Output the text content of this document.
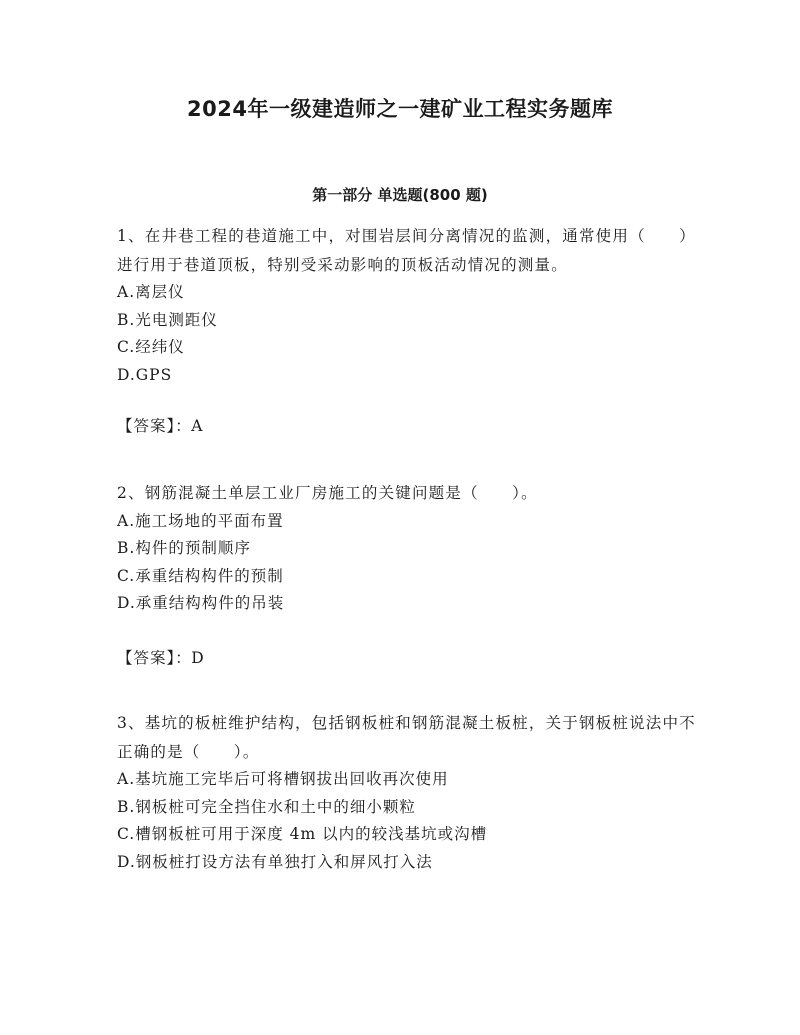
2024年一级建造师之一建矿业工程实务题库
第一部分 单选题(800 题)
1、在井巷工程的巷道施工中，对围岩层间分离情况的监测，通常使用（　　）进行用于巷道顶板，特别受采动影响的顶板活动情况的测量。
A.离层仪
B.光电测距仪
C.经纬仪
D.GPS
【答案】：A
2、钢筋混凝土单层工业厂房施工的关键问题是（　　）。
A.施工场地的平面布置
B.构件的预制顺序
C.承重结构构件的预制
D.承重结构构件的吊装
【答案】：D
3、基坑的板桩维护结构，包括钢板桩和钢筋混凝土板桩，关于钢板桩说法中不正确的是（　　）。
A.基坑施工完毕后可将槽钢拔出回收再次使用
B.钢板桩可完全挡住水和土中的细小颗粒
C.槽钢板桩可用于深度 4m 以内的较浅基坑或沟槽
D.钢板桩打设方法有单独打入和屏风打入法
